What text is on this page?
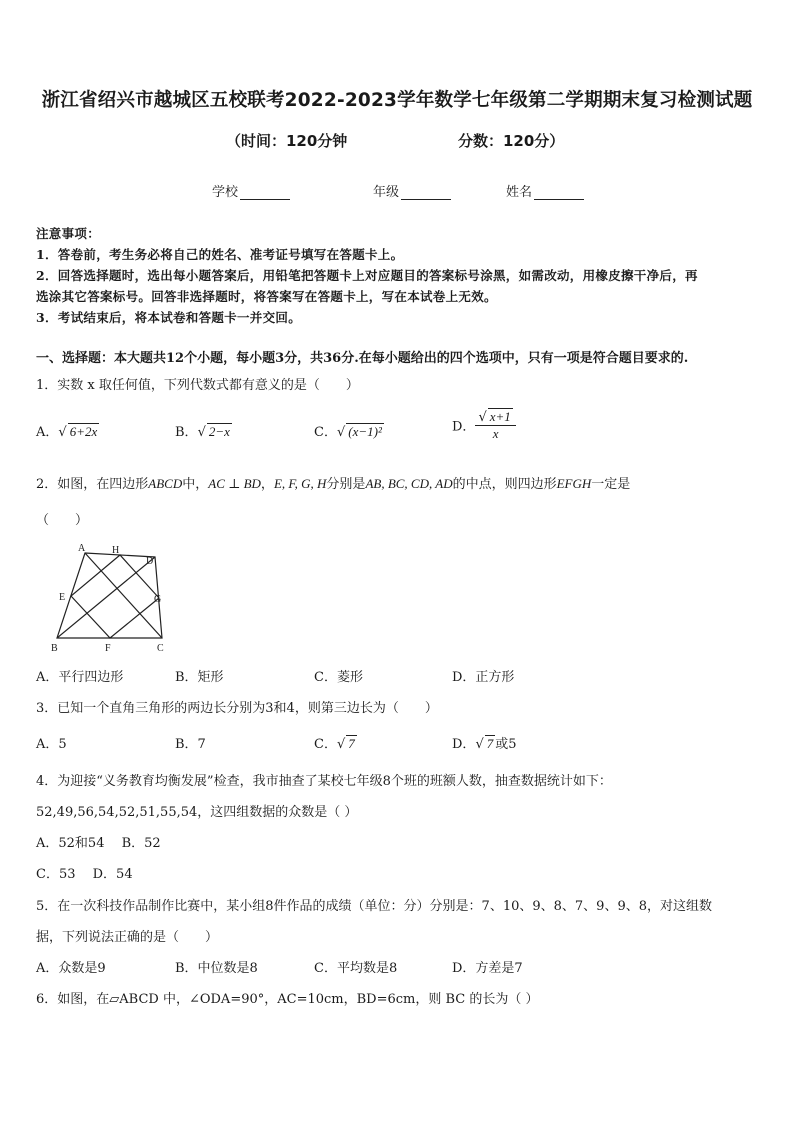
浙江省绍兴市越城区五校联考2022-2023学年数学七年级第二学期期末复习检测试题
（时间：120分钟	分数：120分）
学校	年级	姓名
注意事项：
1．答卷前，考生务必将自己的姓名、准考证号填写在答题卡上。
2．回答选择题时，选出每小题答案后，用铅笔把答题卡上对应题目的答案标号涂黑，如需改动，用橡皮擦干净后，再
选涂其它答案标号。回答非选择题时，将答案写在答题卡上，写在本试卷上无效。
3．考试结束后，将本试卷和答题卡一并交回。
一、选择题：本大题共12个小题，每小题3分，共36分.在每小题给出的四个选项中，只有一项是符合题目要求的.
1．实数 x 取任何值，下列代数式都有意义的是（　　）
A．√ 6+2x	B．√ 2−x	C．√ (x−1)²	D． $\frac{√ x+1}{x}$
2．如图，在四边形ABCD中，AC ⊥ BD，E, F, G, H分别是AB, BC, CD, AD的中点，则四边形EFGH一定是
（　　）
A	H
D
E	G
B	F	C
A．平行四边形	B．矩形	C．菱形	D．正方形
3．已知一个直角三角形的两边长分别为3和4，则第三边长为（　　）
A．5	B．7	C．√ 7	D．√ 7 或5
4．为迎接“义务教育均衡发展”检查，我市抽查了某校七年级8个班的班额人数，抽查数据统计如下：
52,49,56,54,52,51,55,54，这四组数据的众数是（ ）
A．52和54　 B．52
C．53　 D．54
5．在一次科技作品制作比赛中，某小组8件作品的成绩（单位：分）分别是：7、10、9、8、7、9、9、8，对这组数
据，下列说法正确的是（　　）
A．众数是9	B．中位数是8	C．平均数是8	D．方差是7
6．如图，在▱ABCD 中，∠ODA=90°，AC=10cm，BD=6cm，则 BC 的长为（ ）
